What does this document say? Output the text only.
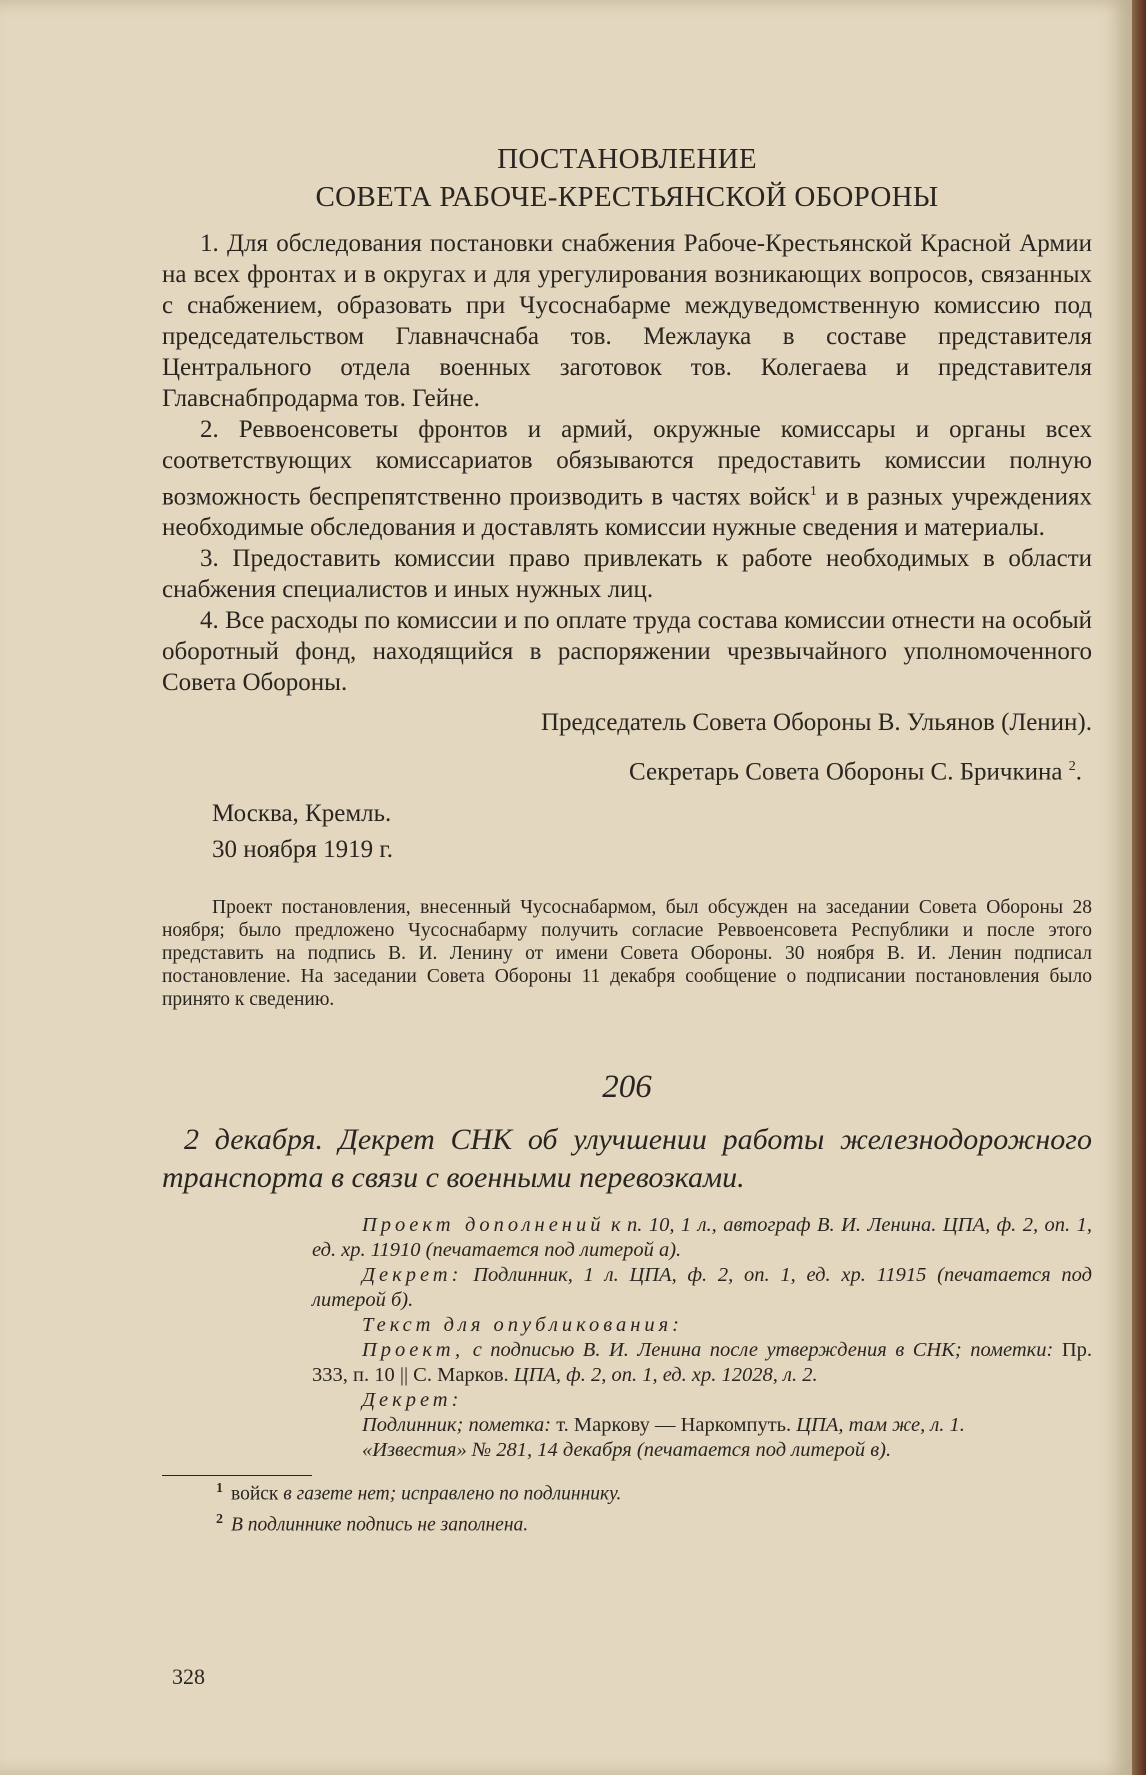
ПОСТАНОВЛЕНИЕ
СОВЕТА РАБОЧЕ-КРЕСТЬЯНСКОЙ ОБОРОНЫ

1. Для обследования постановки снабжения Рабоче-Крестьянской Красной Армии на всех фронтах и в округах и для урегулирования возникающих вопросов, связанных с снабжением, образовать при Чусоснабарме междуведомственную комиссию под председательством Главначснаба тов. Межлаука в составе представителя Центрального отдела военных заготовок тов. Колегаева и представителя Главснабпродарма тов. Гейне.

2. Реввоенсоветы фронтов и армий, окружные комиссары и органы всех соответствующих комиссариатов обязываются предоставить комиссии полную возможность беспрепятственно производить в частях войск$^1$ и в разных учреждениях необходимые обследования и доставлять комиссии нужные сведения и материалы.

3. Предоставить комиссии право привлекать к работе необходимых в области снабжения специалистов и иных нужных лиц.

4. Все расходы по комиссии и по оплате труда состава комиссии отнести на особый оборотный фонд, находящийся в распоряжении чрезвычайного уполномоченного Совета Обороны.

Председатель Совета Обороны В. Ульянов (Ленин).
Секретарь Совета Обороны С. Бричкина $^2$.
Москва, Кремль.
30 ноября 1919 г.
Проект постановления, внесенный Чусоснабармом, был обсужден на заседании Совета Обороны 28 ноября; было предложено Чусоснабарму получить согласие Реввоенсовета Республики и после этого представить на подпись В. И. Ленину от имени Совета Обороны. 30 ноября В. И. Ленин подписал постановление. На заседании Совета Обороны 11 декабря сообщение о подписании постановления было принято к сведению.
206
2 декабря. Декрет СНК об улучшении работы железнодорожного транспорта в связи с военными перевозками.

Проект дополнений к п. 10, 1 л., автограф В. И. Ленина. ЦПА, ф. 2, оп. 1, ед. хр. 11910 (печатается под литерой а).

Декрет: Подлинник, 1 л. ЦПА, ф. 2, оп. 1, ед. хр. 11915 (печатается под литерой б).

Текст для опубликования:

Проект, с подписью В. И. Ленина после утверждения в СНК; пометки: Пр. 333, п. 10 || С. Марков. ЦПА, ф. 2, оп. 1, ед. хр. 12028, л. 2.

Декрет:

Подлинник; пометка: т. Маркову — Наркомпуть. ЦПА, там же, л. 1.

«Известия» № 281, 14 декабря (печатается под литерой в).

$^1$ войск в газете нет; исправлено по подлиннику.
$^2$ В подлиннике подпись не заполнена.
328
